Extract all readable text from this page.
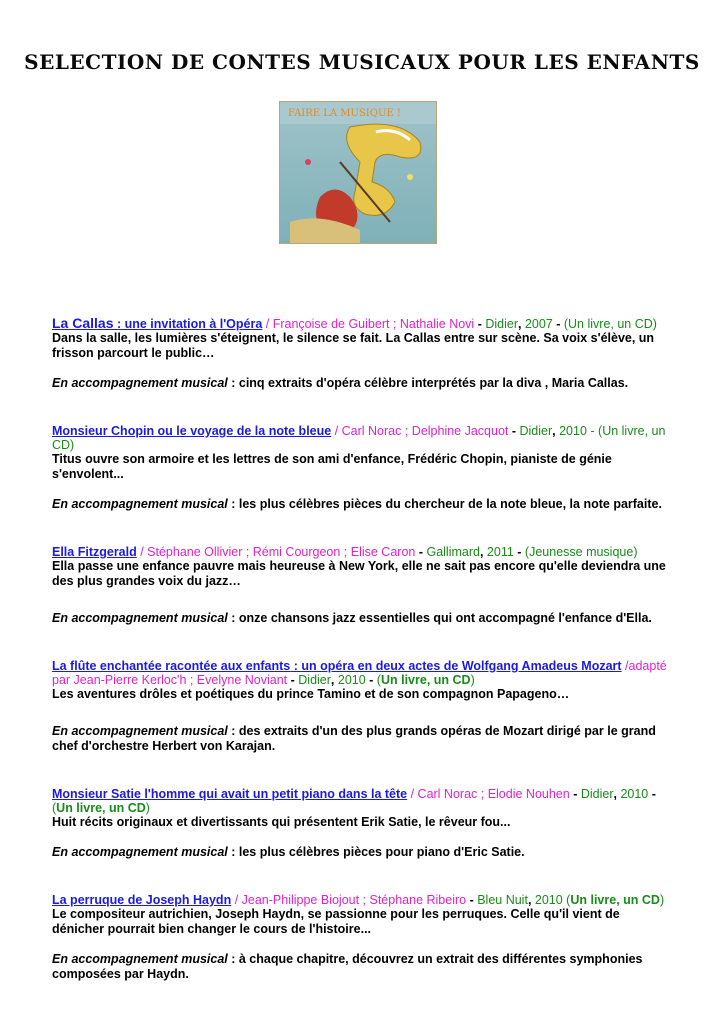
SELECTION DE CONTES MUSICAUX POUR LES ENFANTS
FAIRE LA MUSIQUE !
La Callas : une invitation à l'Opéra / Françoise de Guibert ; Nathalie Novi - Didier, 2007 - (Un livre, un CD)
Dans la salle, les lumières s'éteignent, le silence se fait. La Callas entre sur scène. Sa voix s'élève, un frisson parcourt le public…
En accompagnement musical : cinq extraits d'opéra célèbre interprétés par la diva , Maria Callas.
Monsieur Chopin ou le voyage de la note bleue / Carl Norac ; Delphine Jacquot - Didier, 2010 - (Un livre, un CD)
Titus ouvre son armoire et les lettres de son ami d'enfance, Frédéric Chopin, pianiste de génie s'envolent...
En accompagnement musical : les plus célèbres pièces du chercheur de la note bleue, la note parfaite.
Ella Fitzgerald / Stéphane Ollivier ; Rémi Courgeon ; Elise Caron - Gallimard, 2011 - (Jeunesse musique)
Ella passe une enfance pauvre mais heureuse à New York, elle ne sait pas encore qu'elle deviendra une des plus grandes voix du jazz…
En accompagnement musical : onze chansons jazz essentielles qui ont accompagné l'enfance d'Ella.
La flûte enchantée racontée aux enfants : un opéra en deux actes de Wolfgang Amadeus Mozart /adapté par Jean-Pierre Kerloc'h ; Evelyne Noviant - Didier, 2010 - (Un livre, un CD)
Les aventures drôles et poétiques du prince Tamino et de son compagnon Papageno…
En accompagnement musical : des extraits d'un des plus grands opéras de Mozart dirigé par le grand chef d'orchestre Herbert von Karajan.
Monsieur Satie l'homme qui avait un petit piano dans la tête / Carl Norac ; Elodie Nouhen - Didier, 2010 - (Un livre, un CD)
Huit récits originaux et divertissants qui présentent Erik Satie, le rêveur fou...
En accompagnement musical : les plus célèbres pièces pour piano d'Eric Satie.
La perruque de Joseph Haydn / Jean-Philippe Biojout ; Stéphane Ribeiro - Bleu Nuit, 2010 (Un livre, un CD)
Le compositeur autrichien, Joseph Haydn, se passionne pour les perruques. Celle qu'il vient de dénicher pourrait bien changer le cours de l'histoire...
En accompagnement musical : à chaque chapitre, découvrez un extrait des différentes symphonies composées par Haydn.
